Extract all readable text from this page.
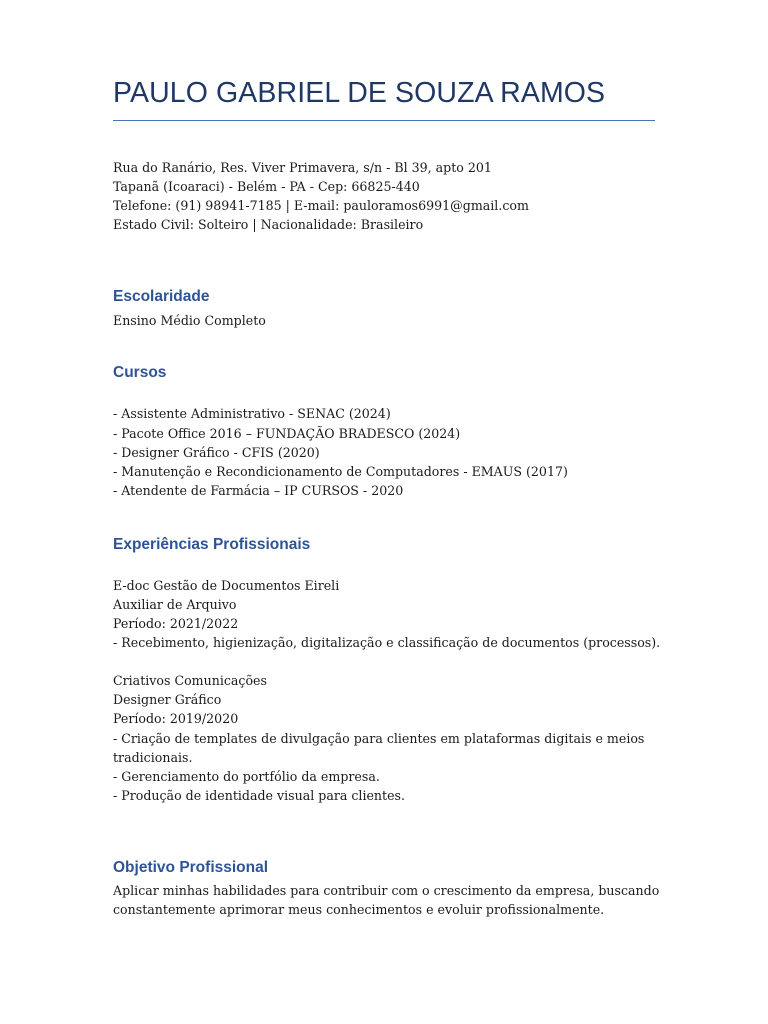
PAULO GABRIEL DE SOUZA RAMOS
Rua do Ranário, Res. Viver Primavera, s/n - Bl 39, apto 201
Tapanã (Icoaraci) - Belém - PA - Cep: 66825-440
Telefone: (91) 98941-7185 | E-mail: pauloramos6991@gmail.com
Estado Civil: Solteiro | Nacionalidade: Brasileiro
Escolaridade
Ensino Médio Completo
Cursos
- Assistente Administrativo - SENAC (2024)
- Pacote Office 2016 – FUNDAÇÃO BRADESCO (2024)
- Designer Gráfico - CFIS (2020)
- Manutenção e Recondicionamento de Computadores - EMAUS (2017)
- Atendente de Farmácia – IP CURSOS - 2020
Experiências Profissionais
E-doc Gestão de Documentos Eireli
Auxiliar de Arquivo
Período: 2021/2022
- Recebimento, higienização, digitalização e classificação de documentos (processos).
Criativos Comunicações
Designer Gráfico
Período: 2019/2020
- Criação de templates de divulgação para clientes em plataformas digitais e meios
tradicionais.
- Gerenciamento do portfólio da empresa.
- Produção de identidade visual para clientes.
Objetivo Profissional
Aplicar minhas habilidades para contribuir com o crescimento da empresa, buscando
constantemente aprimorar meus conhecimentos e evoluir profissionalmente.
